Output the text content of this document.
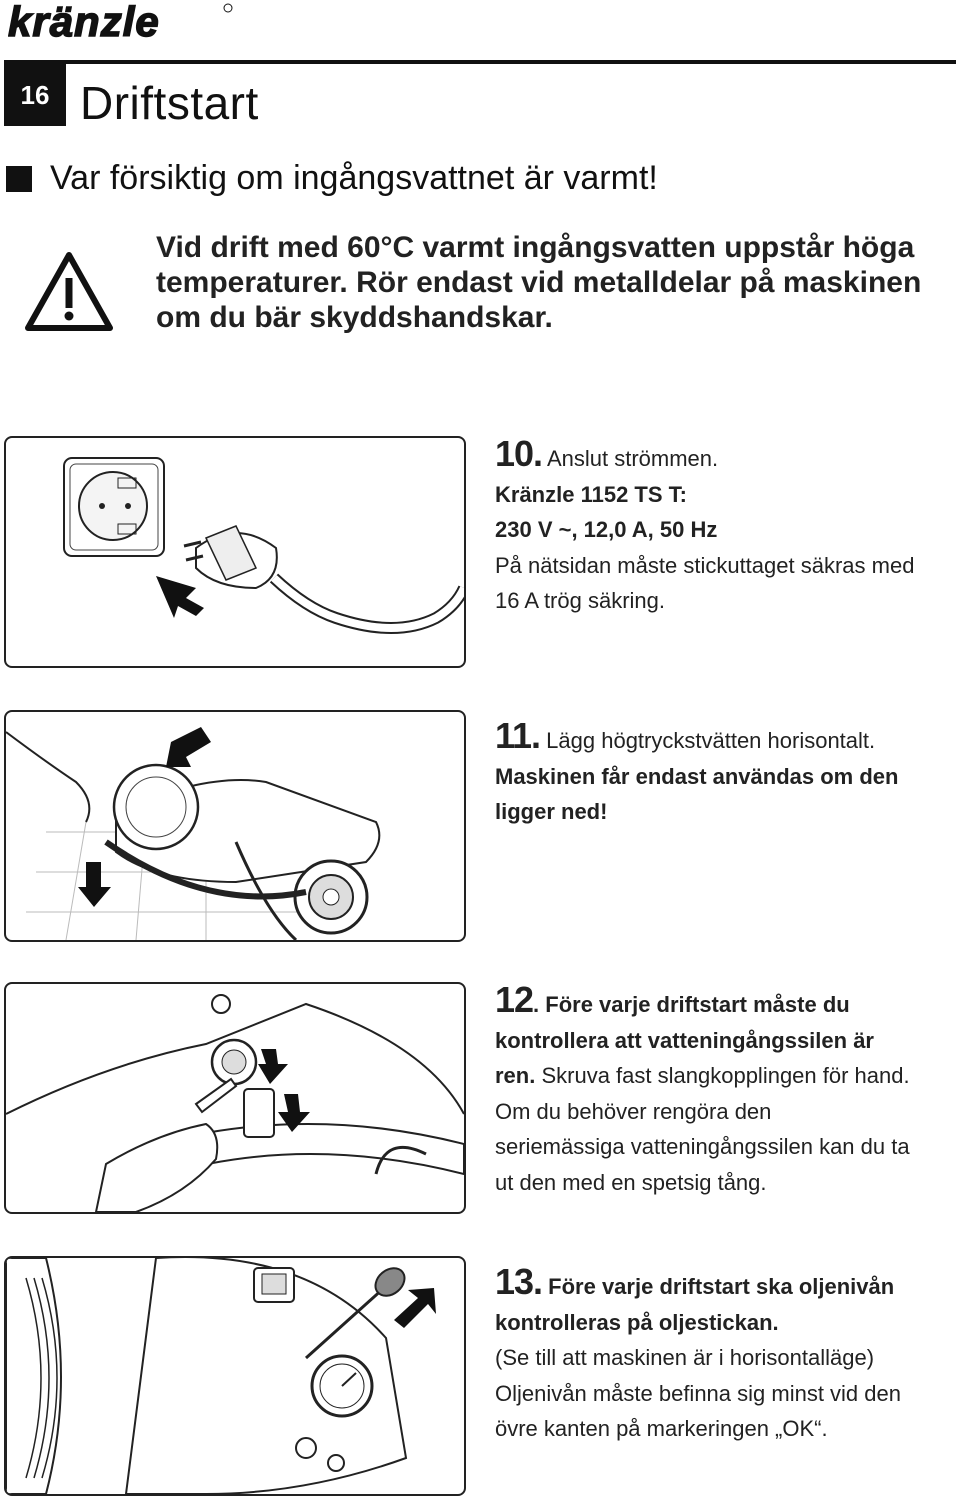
kränzle
16 Driftstart
Var försiktig om ingångsvattnet är varmt!
Vid drift med 60°C varmt ingångsvatten uppstår höga temperaturer. Rör endast vid metalldelar på maskinen om du bär skyddshandskar.
10. Anslut strömmen.
Kränzle 1152 TS T:
230 V ~, 12,0 A, 50 Hz
På nätsidan måste stickuttaget säkras med
16 A trög säkring.
11. Lägg högtryckstvätten horisontalt.
Maskinen får endast användas om den
ligger ned!
12. Före varje driftstart måste du
kontrollera att vatteningångssilen är
ren. Skruva fast slangkopplingen för hand.
Om du behöver rengöra den
seriemässiga vatteningångssilen kan du ta
ut den med en spetsig tång.
13. Före varje driftstart ska oljenivån
kontrolleras på oljestickan.
(Se till att maskinen är i horisontalläge)
Oljenivån måste befinna sig minst vid den
övre kanten på markeringen „OK“.
